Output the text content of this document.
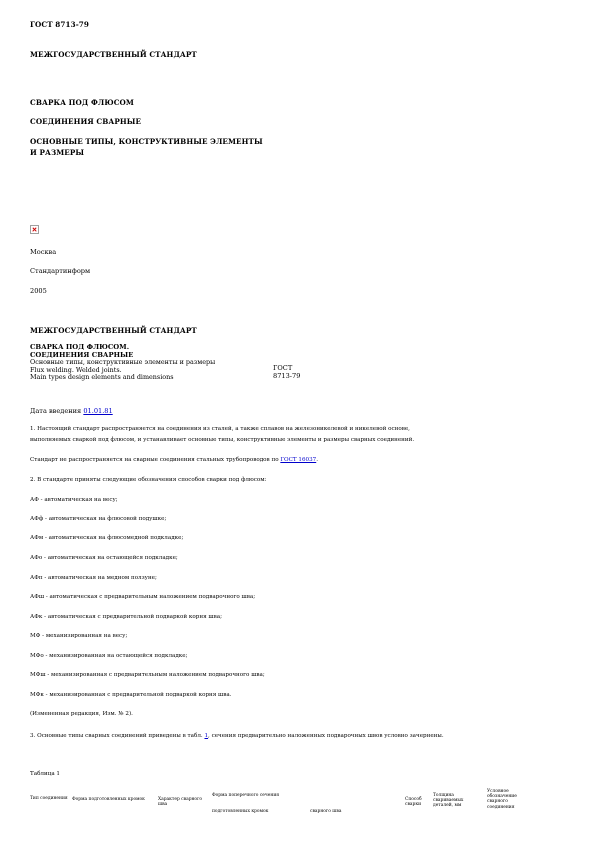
ГОСТ 8713-79
МЕЖГОСУДАРСТВЕННЫЙ СТАНДАРТ
СВАРКА ПОД ФЛЮСОМ
СОЕДИНЕНИЯ СВАРНЫЕ
ОСНОВНЫЕ ТИПЫ, КОНСТРУКТИВНЫЕ ЭЛЕМЕНТЫ
И РАЗМЕРЫ
Москва
Стандартинформ
2005
МЕЖГОСУДАРСТВЕННЫЙ СТАНДАРТ
СВАРКА ПОД ФЛЮСОМ.
СОЕДИНЕНИЯ СВАРНЫЕ
Основные типы, конструктивные элементы и размеры
Flux welding. Welded joints.
Main types design elements and dimensions
ГОСТ
8713-79
Дата введения 01.01.81
1. Настоящий стандарт распространяется на соединения из сталей, а также сплавов на железоникелевой и никелевой основе,
выполняемых сваркой под флюсом, и устанавливает основные типы, конструктивные элементы и размеры сварных соединений.
Стандарт не распространяется на сварные соединения стальных трубопроводов по ГОСТ 16037.
2. В стандарте приняты следующие обозначения способов сварки под флюсом:
АФ - автоматическая на весу;
АФф - автоматическая на флюсовой подушке;
АФм - автоматическая на флюсомедной подкладке;
АФо - автоматическая на остающейся подкладке;
АФп - автоматическая на медном ползуне;
АФш - автоматическая с предварительным наложением подварочного шва;
АФк - автоматическая с предварительной подваркой корня шва;
МФ - механизированная на весу;
МФо - механизированная на остающейся подкладке;
МФш - механизированная с предварительным наложением подварочного шва;
МФк - механизированная с предварительной подваркой корня шва.
(Измененная редакция, Изм. № 2).
3. Основные типы сварных соединений приведены в табл. 1, сечения предварительно наложенных подварочных швов условно зачернены.
Таблица 1
Тип соединения Форма подготовленных кромок	Характер сварного шва
Форма поперечного сечения
подготовленных кромок	сварного шва
Способ сварки
Толщина свариваемых деталей, мм
Условное обозначение сварного соединения
